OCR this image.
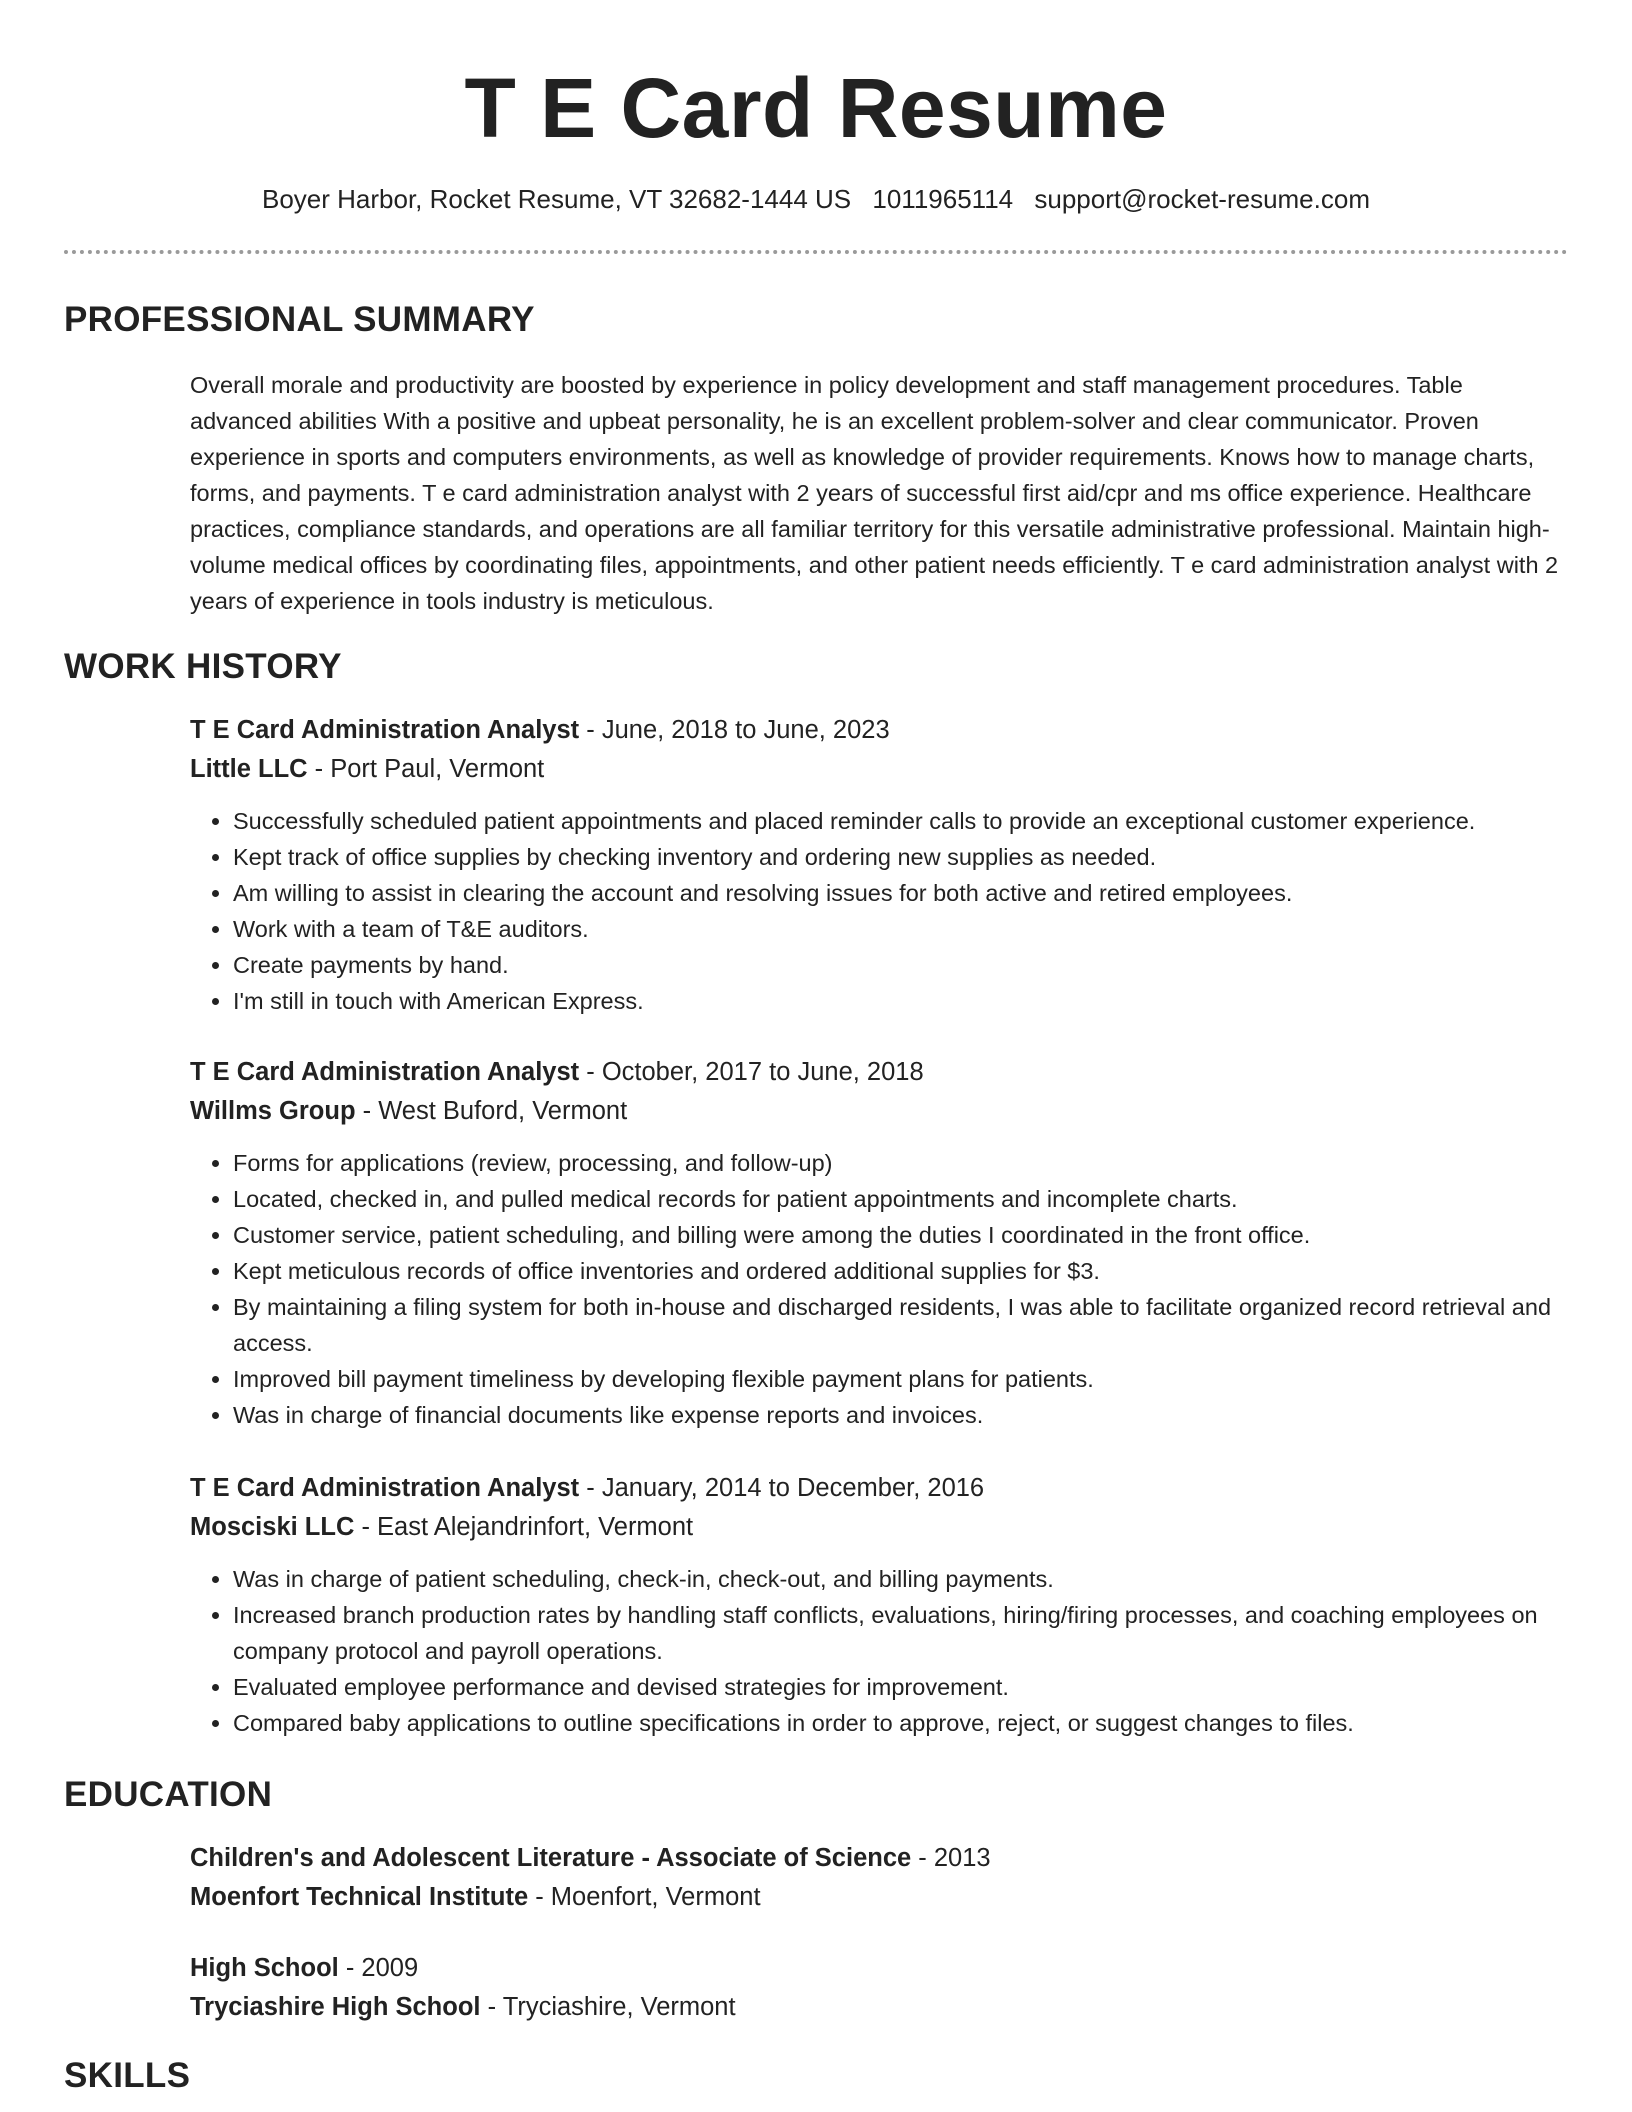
T E Card Resume
Boyer Harbor, Rocket Resume, VT 32682-1444 US 1011965114 support@rocket-resume.com
PROFESSIONAL SUMMARY

Overall morale and productivity are boosted by experience in policy development and staff management procedures. Table advanced abilities With a positive and upbeat personality, he is an excellent problem-solver and clear communicator. Proven experience in sports and computers environments, as well as knowledge of provider requirements. Knows how to manage charts, forms, and payments. T e card administration analyst with 2 years of successful first aid/cpr and ms office experience. Healthcare practices, compliance standards, and operations are all familiar territory for this versatile administrative professional. Maintain high-volume medical offices by coordinating files, appointments, and other patient needs efficiently. T e card administration analyst with 2 years of experience in tools industry is meticulous.

WORK HISTORY
T E Card Administration Analyst - June, 2018 to June, 2023
Little LLC - Port Paul, Vermont
• Successfully scheduled patient appointments and placed reminder calls to provide an exceptional customer experience.
• Kept track of office supplies by checking inventory and ordering new supplies as needed.
• Am willing to assist in clearing the account and resolving issues for both active and retired employees.
• Work with a team of T&E auditors.
• Create payments by hand.
• I'm still in touch with American Express.
T E Card Administration Analyst - October, 2017 to June, 2018
Willms Group - West Buford, Vermont
• Forms for applications (review, processing, and follow-up)
• Located, checked in, and pulled medical records for patient appointments and incomplete charts.
• Customer service, patient scheduling, and billing were among the duties I coordinated in the front office.
• Kept meticulous records of office inventories and ordered additional supplies for $3.
• By maintaining a filing system for both in-house and discharged residents, I was able to facilitate organized record retrieval and access.
• Improved bill payment timeliness by developing flexible payment plans for patients.
• Was in charge of financial documents like expense reports and invoices.
T E Card Administration Analyst - January, 2014 to December, 2016
Mosciski LLC - East Alejandrinfort, Vermont
• Was in charge of patient scheduling, check-in, check-out, and billing payments.
• Increased branch production rates by handling staff conflicts, evaluations, hiring/firing processes, and coaching employees on company protocol and payroll operations.
• Evaluated employee performance and devised strategies for improvement.
• Compared baby applications to outline specifications in order to approve, reject, or suggest changes to files.
EDUCATION
Children's and Adolescent Literature - Associate of Science - 2013
Moenfort Technical Institute - Moenfort, Vermont
High School - 2009
Tryciashire High School - Tryciashire, Vermont
SKILLS
